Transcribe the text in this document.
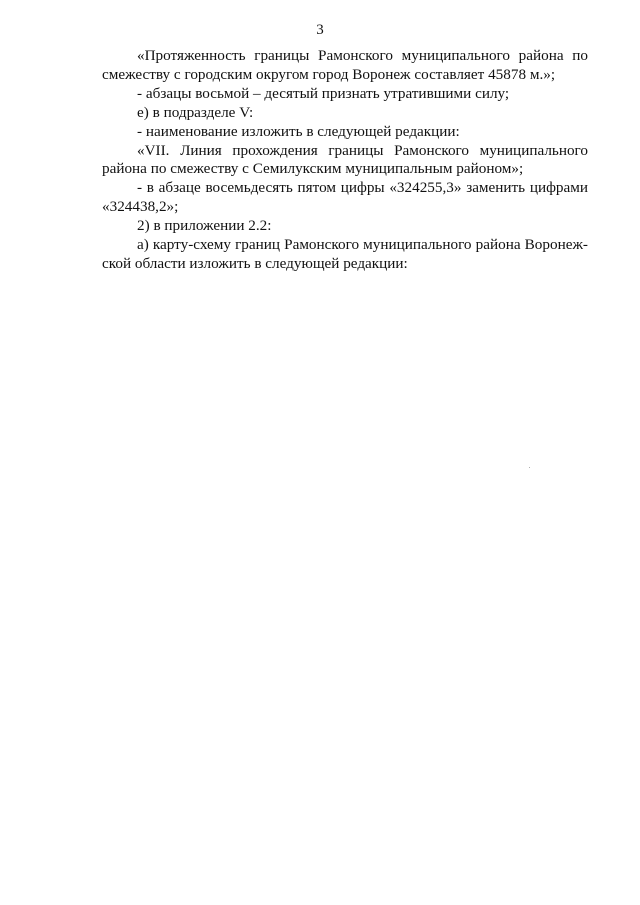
3

«Протяженность границы Рамонского муниципального района по смежеству с городским округом город Воронеж составляет 45878 м.»;

- абзацы восьмой – десятый признать утратившими силу;

е) в подразделе V:

- наименование изложить в следующей редакции:

«VII. Линия прохождения границы Рамонского муниципального района по смежеству с Семилукским муниципальным районом»;

- в абзаце восемьдесять пятом цифры «324255,3» заменить цифрами «324438,2»;

2) в приложении 2.2:

а) карту-схему границ Рамонского муниципального района Воронеж-ской области изложить в следующей редакции:
